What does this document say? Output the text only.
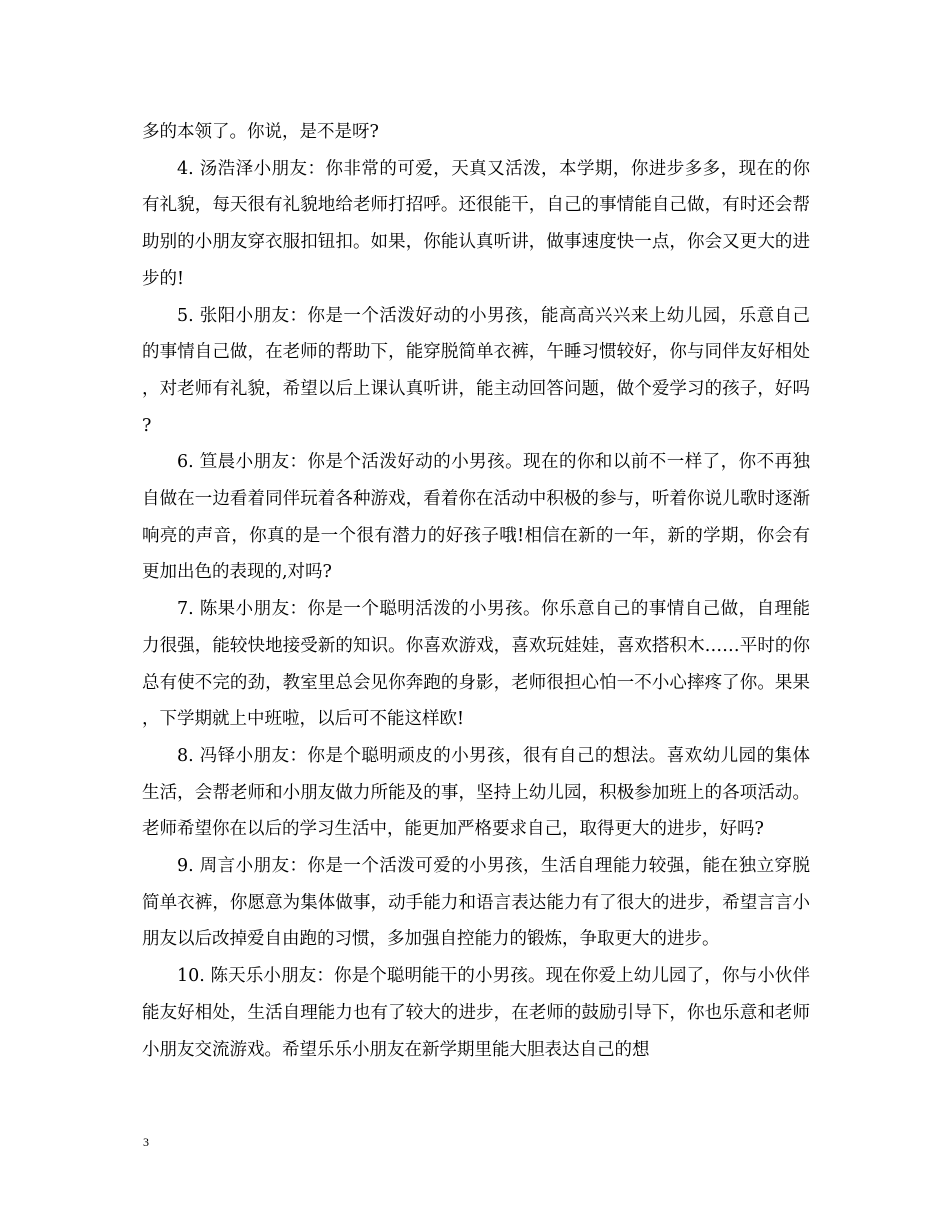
多的本领了。你说，是不是呀?

4. 汤浩泽小朋友：你非常的可爱，天真又活泼，本学期，你进步多多，现在的你有礼貌，每天很有礼貌地给老师打招呼。还很能干，自己的事情能自己做，有时还会帮助别的小朋友穿衣服扣钮扣。如果，你能认真听讲，做事速度快一点，你会又更大的进步的!

5. 张阳小朋友：你是一个活泼好动的小男孩，能高高兴兴来上幼儿园，乐意自己的事情自己做，在老师的帮助下，能穿脱简单衣裤，午睡习惯较好，你与同伴友好相处，对老师有礼貌，希望以后上课认真听讲，能主动回答问题，做个爱学习的孩子，好吗?

6. 笪晨小朋友：你是个活泼好动的小男孩。现在的你和以前不一样了，你不再独自做在一边看着同伴玩着各种游戏，看着你在活动中积极的参与，听着你说儿歌时逐渐响亮的声音，你真的是一个很有潜力的好孩子哦!相信在新的一年，新的学期，你会有更加出色的表现的,对吗?

7. 陈果小朋友：你是一个聪明活泼的小男孩。你乐意自己的事情自己做，自理能力很强，能较快地接受新的知识。你喜欢游戏，喜欢玩娃娃，喜欢搭积木……平时的你总有使不完的劲，教室里总会见你奔跑的身影，老师很担心怕一不小心摔疼了你。果果，下学期就上中班啦，以后可不能这样欧!

8. 冯铎小朋友：你是个聪明顽皮的小男孩，很有自己的想法。喜欢幼儿园的集体生活，会帮老师和小朋友做力所能及的事，坚持上幼儿园，积极参加班上的各项活动。老师希望你在以后的学习生活中，能更加严格要求自己，取得更大的进步，好吗?

9. 周言小朋友：你是一个活泼可爱的小男孩，生活自理能力较强，能在独立穿脱简单衣裤，你愿意为集体做事，动手能力和语言表达能力有了很大的进步，希望言言小朋友以后改掉爱自由跑的习惯，多加强自控能力的锻炼，争取更大的进步。

10. 陈天乐小朋友：你是个聪明能干的小男孩。现在你爱上幼儿园了，你与小伙伴能友好相处，生活自理能力也有了较大的进步，在老师的鼓励引导下，你也乐意和老师小朋友交流游戏。希望乐乐小朋友在新学期里能大胆表达自己的想

3
